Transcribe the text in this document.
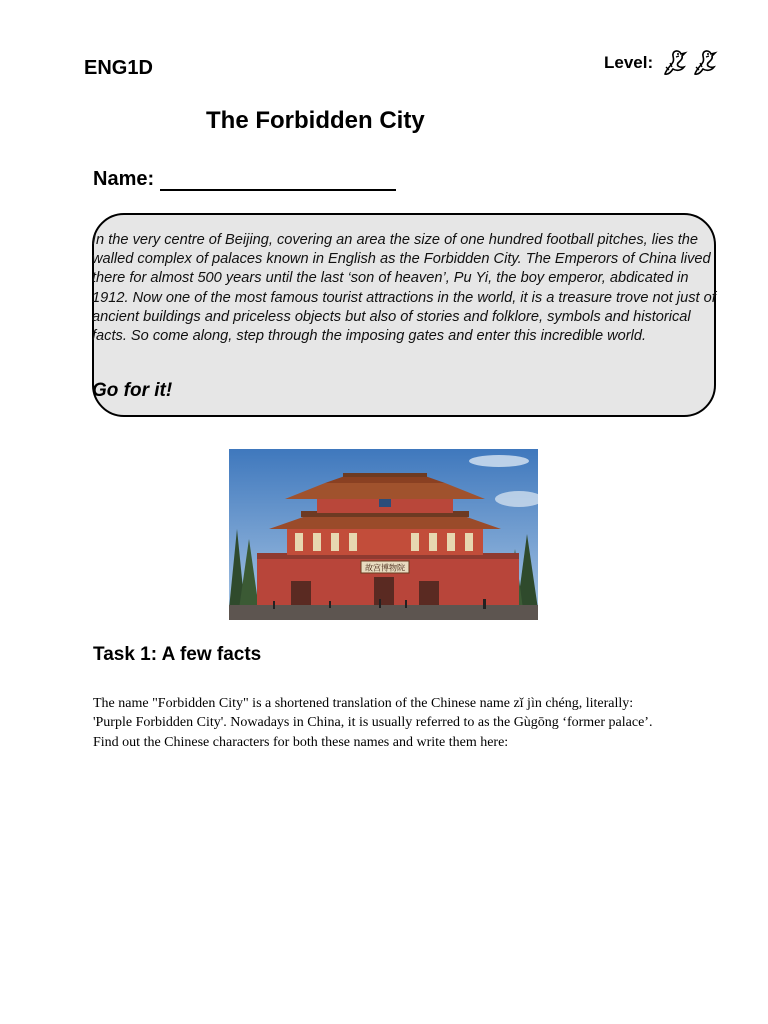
ENG1D	Level:
The Forbidden City
Name:
In the very centre of Beijing, covering an area the size of one hundred football pitches, lies the walled complex of palaces known in English as the Forbidden City. The Emperors of China lived there for almost 500 years until the last ‘son of heaven’, Pu Yi, the boy emperor, abdicated in 1912. Now one of the most famous tourist attractions in the world, it is a treasure trove not just of ancient buildings and priceless objects but also of stories and folklore, symbols and historical facts. So come along, step through the imposing gates and enter this incredible world.
Go for it!
故宫博物院
Task 1: A few facts
The name "Forbidden City" is a shortened translation of the Chinese name zǐ jìn chéng, literally: 'Purple Forbidden City'. Nowadays in China, it is usually referred to as the Gùgōng ‘former palace’. Find out the Chinese characters for both these names and write them here:
